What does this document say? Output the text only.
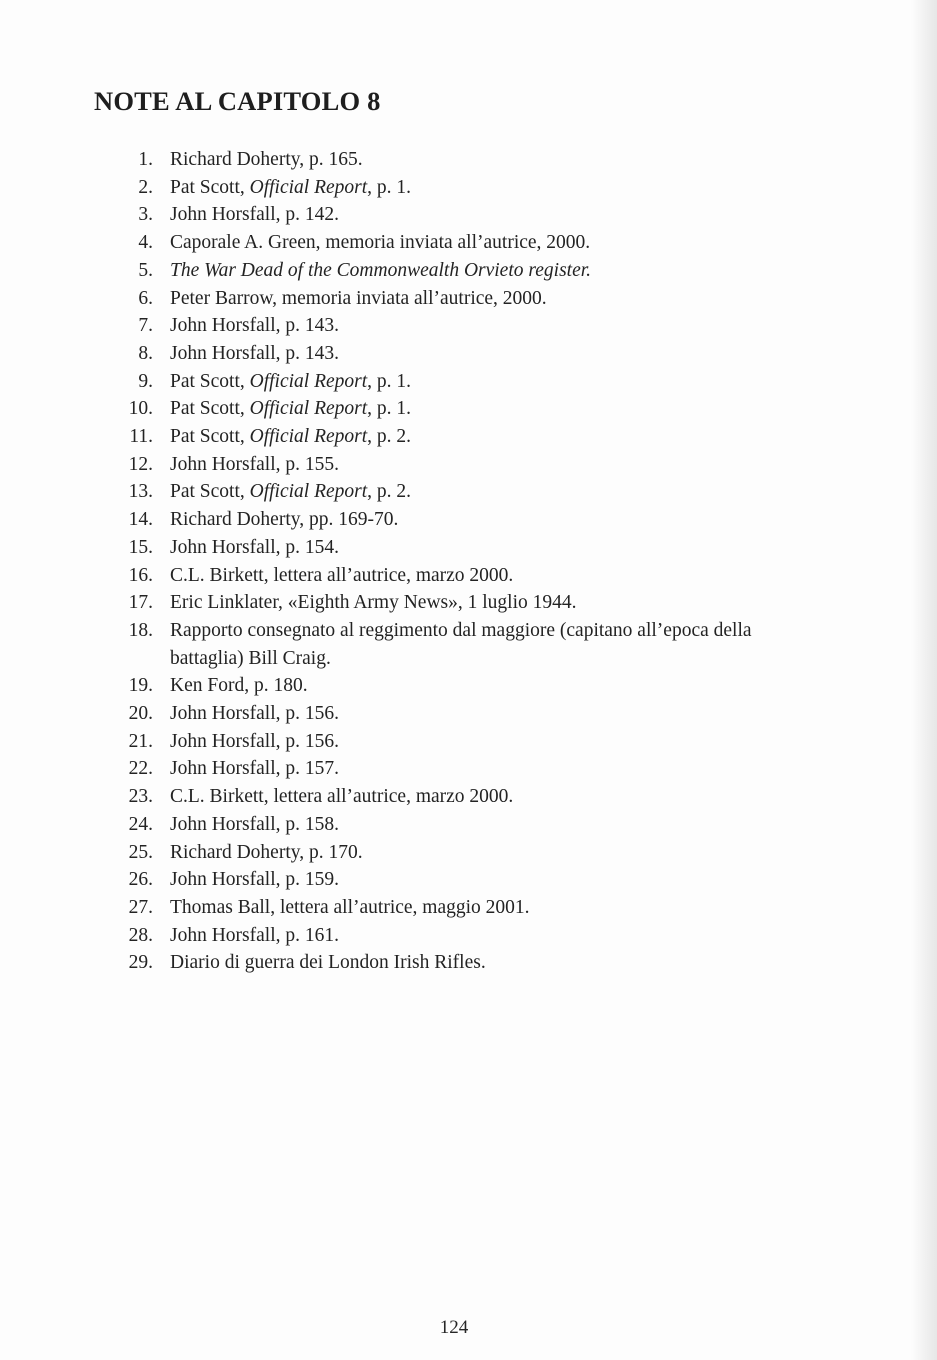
NOTE AL CAPITOLO 8
1. Richard Doherty, p. 165.
2. Pat Scott, Official Report, p. 1.
3. John Horsfall, p. 142.
4. Caporale A. Green, memoria inviata all’autrice, 2000.
5. The War Dead of the Commonwealth Orvieto register.
6. Peter Barrow, memoria inviata all’autrice, 2000.
7. John Horsfall, p. 143.
8. John Horsfall, p. 143.
9. Pat Scott, Official Report, p. 1.
10. Pat Scott, Official Report, p. 1.
11. Pat Scott, Official Report, p. 2.
12. John Horsfall, p. 155.
13. Pat Scott, Official Report, p. 2.
14. Richard Doherty, pp. 169-70.
15. John Horsfall, p. 154.
16. C.L. Birkett, lettera all’autrice, marzo 2000.
17. Eric Linklater, «Eighth Army News», 1 luglio 1944.
18. Rapporto consegnato al reggimento dal maggiore (capitano all’epoca della battaglia) Bill Craig.
19. Ken Ford, p. 180.
20. John Horsfall, p. 156.
21. John Horsfall, p. 156.
22. John Horsfall, p. 157.
23. C.L. Birkett, lettera all’autrice, marzo 2000.
24. John Horsfall, p. 158.
25. Richard Doherty, p. 170.
26. John Horsfall, p. 159.
27. Thomas Ball, lettera all’autrice, maggio 2001.
28. John Horsfall, p. 161.
29. Diario di guerra dei London Irish Rifles.
124
